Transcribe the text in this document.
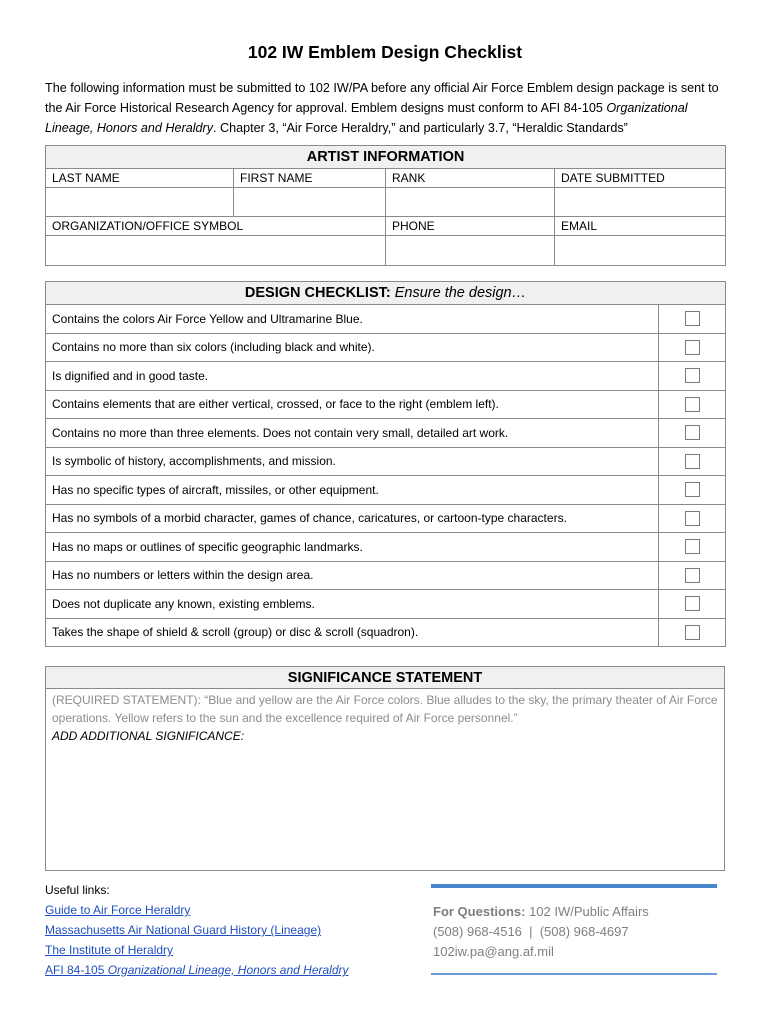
102 IW Emblem Design Checklist
The following information must be submitted to 102 IW/PA before any official Air Force Emblem design package is sent to the Air Force Historical Research Agency for approval. Emblem designs must conform to AFI 84-105 Organizational Lineage, Honors and Heraldry. Chapter 3, “Air Force Heraldry,” and particularly 3.7, “Heraldic Standards”
ARTIST INFORMATION			
LAST NAME	FIRST NAME	RANK	DATE SUBMITTED

ORGANIZATION/OFFICE SYMBOL		PHONE	EMAIL

DESIGN CHECKLIST: Ensure the design…	
Contains the colors Air Force Yellow and Ultramarine Blue.	
Contains no more than six colors (including black and white).	
Is dignified and in good taste.	
Contains elements that are either vertical, crossed, or face to the right (emblem left).	
Contains no more than three elements. Does not contain very small, detailed art work.	
Is symbolic of history, accomplishments, and mission.	
Has no specific types of aircraft, missiles, or other equipment.	
Has no symbols of a morbid character, games of chance, caricatures, or cartoon-type characters.	
Has no maps or outlines of specific geographic landmarks.	
Has no numbers or letters within the design area.	
Does not duplicate any known, existing emblems.	
Takes the shape of shield & scroll (group) or disc & scroll (squadron).	
SIGNIFICANCE STATEMENT

(REQUIRED STATEMENT): “Blue and yellow are the Air Force colors. Blue alludes to the sky, the primary theater of Air Force operations. Yellow refers to the sun and the excellence required of Air Force personnel.”
ADD ADDITIONAL SIGNIFICANCE:
Useful links:
Guide to Air Force Heraldry
Massachusetts Air National Guard History (Lineage)
The Institute of Heraldry
AFI 84-105 Organizational Lineage, Honors and Heraldry
For Questions: 102 IW/Public Affairs
(508) 968-4516  |  (508) 968-4697
102iw.pa@ang.af.mil
